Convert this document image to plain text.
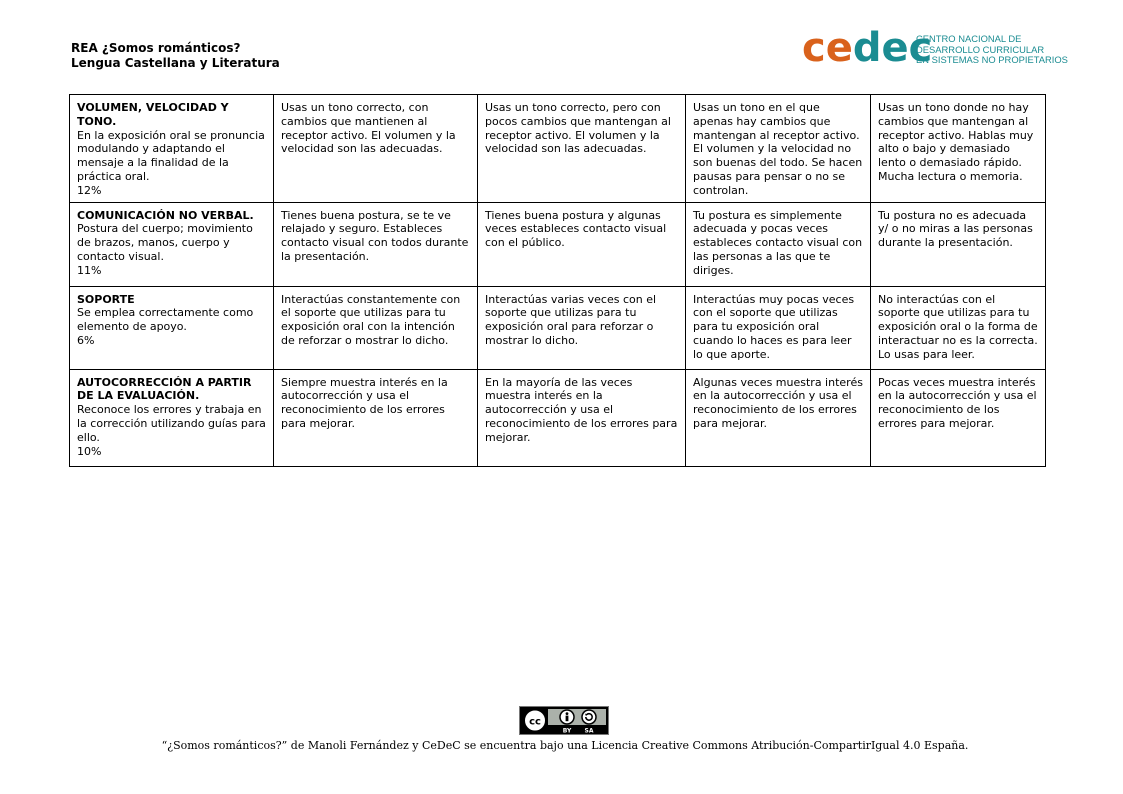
REA ¿Somos románticos?
Lengua Castellana y Literatura	cedec
CENTRO NACIONAL DE
DESARROLLO CURRICULAR
EN SISTEMAS NO PROPIETARIOS
VOLUMEN, VELOCIDAD Y TONO.
En la exposición oral se pronuncia modulando y adaptando el mensaje a la finalidad de la práctica oral.
12%	Usas un tono correcto, con cambios que mantienen al receptor activo. El volumen y la velocidad son las adecuadas.	Usas un tono correcto, pero con pocos cambios que mantengan al receptor activo. El volumen y la velocidad son las adecuadas.	Usas un tono en el que apenas hay cambios que mantengan al receptor activo. El volumen y la velocidad no son buenas del todo. Se hacen pausas para pensar o no se controlan.	Usas un tono donde no hay cambios que mantengan al receptor activo. Hablas muy alto o bajo y demasiado lento o demasiado rápido. Mucha lectura o memoria.

COMUNICACIÓN NO VERBAL.
Postura del cuerpo; movimiento de brazos, manos, cuerpo y contacto visual.
11%	Tienes buena postura, se te ve relajado y seguro. Estableces contacto visual con todos durante la presentación.	Tienes buena postura y algunas veces estableces contacto visual con el público.	Tu postura es simplemente adecuada y pocas veces estableces contacto visual con las personas a las que te diriges.	Tu postura no es adecuada y/ o no miras a las personas durante la presentación.

SOPORTE
Se emplea correctamente como elemento de apoyo.
6%	Interactúas constantemente con el soporte que utilizas para tu exposición oral con la intención de reforzar o mostrar lo dicho.	Interactúas varias veces con el soporte que utilizas para tu exposición oral para reforzar o mostrar lo dicho.	Interactúas muy pocas veces con el soporte que utilizas para tu exposición oral cuando lo haces es para leer lo que aporte.	No interactúas con el soporte que utilizas para tu exposición oral o la forma de interactuar no es la correcta. Lo usas para leer.

AUTOCORRECCIÓN A PARTIR DE LA EVALUACIÓN.
Reconoce los errores y trabaja en la corrección utilizando guías para ello.
10%	Siempre muestra interés en la autocorrección y usa el reconocimiento de los errores para mejorar.	En la mayoría de las veces muestra interés en la autocorrección y usa el reconocimiento de los errores para mejorar.	Algunas veces muestra interés en la autocorrección y usa el reconocimiento de los errores para mejorar.	Pocas veces muestra interés en la autocorrección y usa el reconocimiento de los errores para mejorar.
cc
BY SA
“¿Somos románticos?” de Manoli Fernández y CeDeC se encuentra bajo una Licencia Creative Commons Atribución-CompartirIgual 4.0 España.
